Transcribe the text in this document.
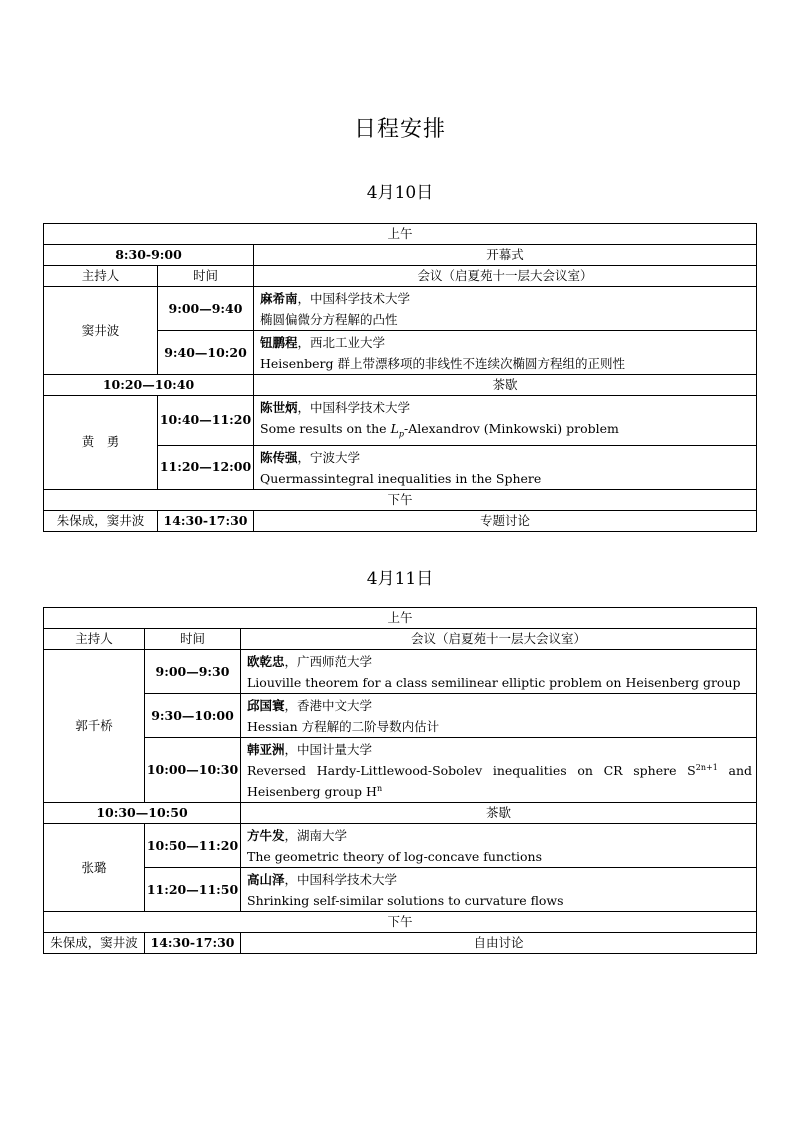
日程安排
4月10日
上午		
8:30-9:00		开幕式
主持人	时间	会议（启夏苑十一层大会议室）
窦井波	9:00—9:40	麻希南，中国科学技术大学
椭圆偏微分方程解的凸性

	9:40—10:20	钮鹏程，西北工业大学
Heisenberg 群上带漂移项的非线性不连续次椭圆方程组的正则性

10:20—10:40		茶歇
黄　勇	10:40—11:20	陈世炳，中国科学技术大学
Some results on the $L_p$-Alexandrov (Minkowski) problem

	11:20—12:00	陈传强，宁波大学
Quermassintegral inequalities in the Sphere

下午		
朱保成，窦井波	14:30-17:30	专题讨论
4月11日
上午		
主持人	时间	会议（启夏苑十一层大会议室）
郭千桥	9:00—9:30	欧乾忠，广西师范大学
Liouville theorem for a class semilinear elliptic problem on Heisenberg group

	9:30—10:00	邱国寰，香港中文大学
Hessian 方程解的二阶导数内估计

	10:00—10:30	韩亚洲，中国计量大学
Reversed Hardy-Littlewood-Sobolev inequalities on CR sphere $S^{2n+1}$ and Heisenberg group $H^n$

10:30—10:50		茶歇
张璐	10:50—11:20	方牛发，湖南大学
The geometric theory of log-concave functions

	11:20—11:50	高山泽，中国科学技术大学
Shrinking self-similar solutions to curvature flows

下午		
朱保成，窦井波	14:30-17:30	自由讨论
